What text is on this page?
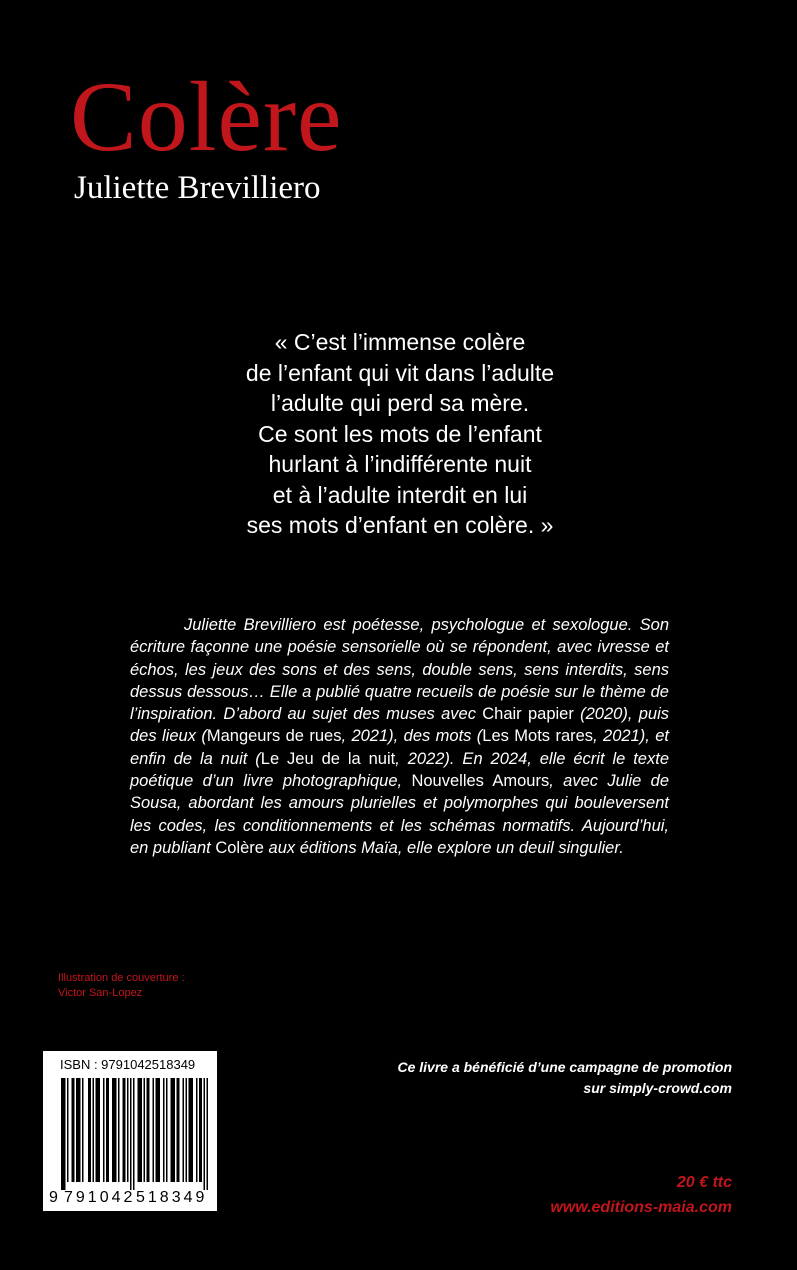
Colère
Juliette Brevilliero
« C’est l’immense colère
de l’enfant qui vit dans l’adulte
l’adulte qui perd sa mère.
Ce sont les mots de l’enfant
hurlant à l’indifférente nuit
et à l’adulte interdit en lui
ses mots d’enfant en colère. »

Juliette Brevilliero est poétesse, psychologue et sexologue. Son écriture façonne une poésie sensorielle où se répondent, avec ivresse et échos, les jeux des sons et des sens, double sens, sens interdits, sens dessus dessous… Elle a publié quatre recueils de poésie sur le thème de l’inspiration. D’abord au sujet des muses avec Chair papier (2020), puis des lieux (Mangeurs de rues, 2021), des mots (Les Mots rares, 2021), et enfin de la nuit (Le Jeu de la nuit, 2022). En 2024, elle écrit le texte poétique d’un livre photographique, Nouvelles Amours, avec Julie de Sousa, abordant les amours plurielles et polymorphes qui bouleversent les codes, les conditionnements et les schémas normatifs. Aujourd’hui, en publiant Colère aux éditions Maïa, elle explore un deuil singulier.

Illustration de couverture :
Victor San-Lopez
ISBN : 9791042518349
9 791042 518349
Ce livre a bénéficié d’une campagne de promotion
sur simply-crowd.com
20 € ttc
www.editions-maia.com
